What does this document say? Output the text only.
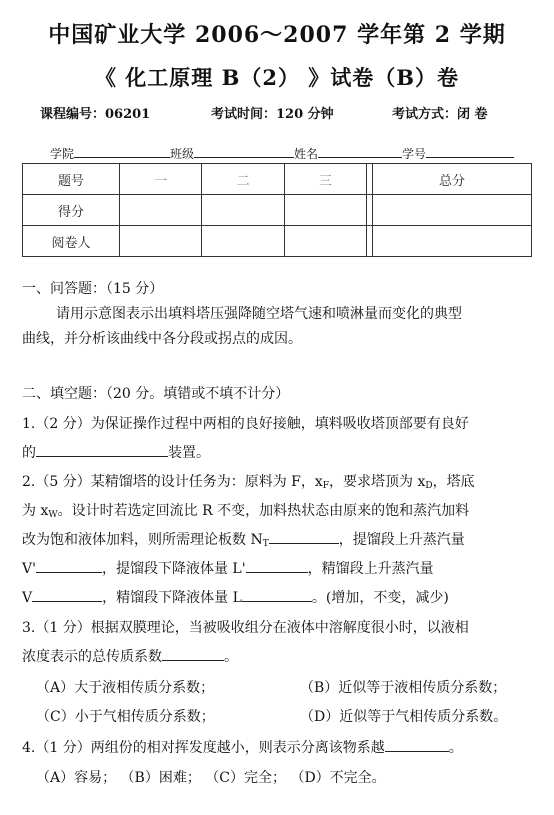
中国矿业大学 2006～2007 学年第 2 学期
《 化工原理 B（2） 》试卷（B）卷
课程编号：06201	考试时间：120 分钟	考试方式：闭 卷
学院	班级	姓名	学号
题号	一	二	三		总分
得分					
阅卷人					
一、问答题：（15 分）
请用示意图表示出填料塔压强降随空塔气速和喷淋量而变化的典型
曲线，并分析该曲线中各分段或拐点的成因。
二、填空题：（20 分。填错或不填不计分）
1.（2 分）为保证操作过程中两相的良好接触，填料吸收塔顶部要有良好
的	装置。
2.（5 分）某精馏塔的设计任务为：原料为 F，$x_F$，要求塔顶为 $x_D$，塔底
为 $x_W$。设计时若选定回流比 R 不变，加料热状态由原来的饱和蒸汽加料
改为饱和液体加料，则所需理论板数 $N_T$	，提馏段上升蒸汽量
V'	，提馏段下降液体量 L'	，精馏段上升蒸汽量
V	，精馏段下降液体量 L	。(增加，不变，减少)
3.（1 分）根据双膜理论，当被吸收组分在液体中溶解度很小时，以液相
浓度表示的总传质系数	。
（A）大于液相传质分系数；	（B）近似等于液相传质分系数；
（C）小于气相传质分系数；	（D）近似等于气相传质分系数。
4.（1 分）两组份的相对挥发度越小，则表示分离该物系越	。
（A）容易； （B）困难； （C）完全； （D）不完全。
